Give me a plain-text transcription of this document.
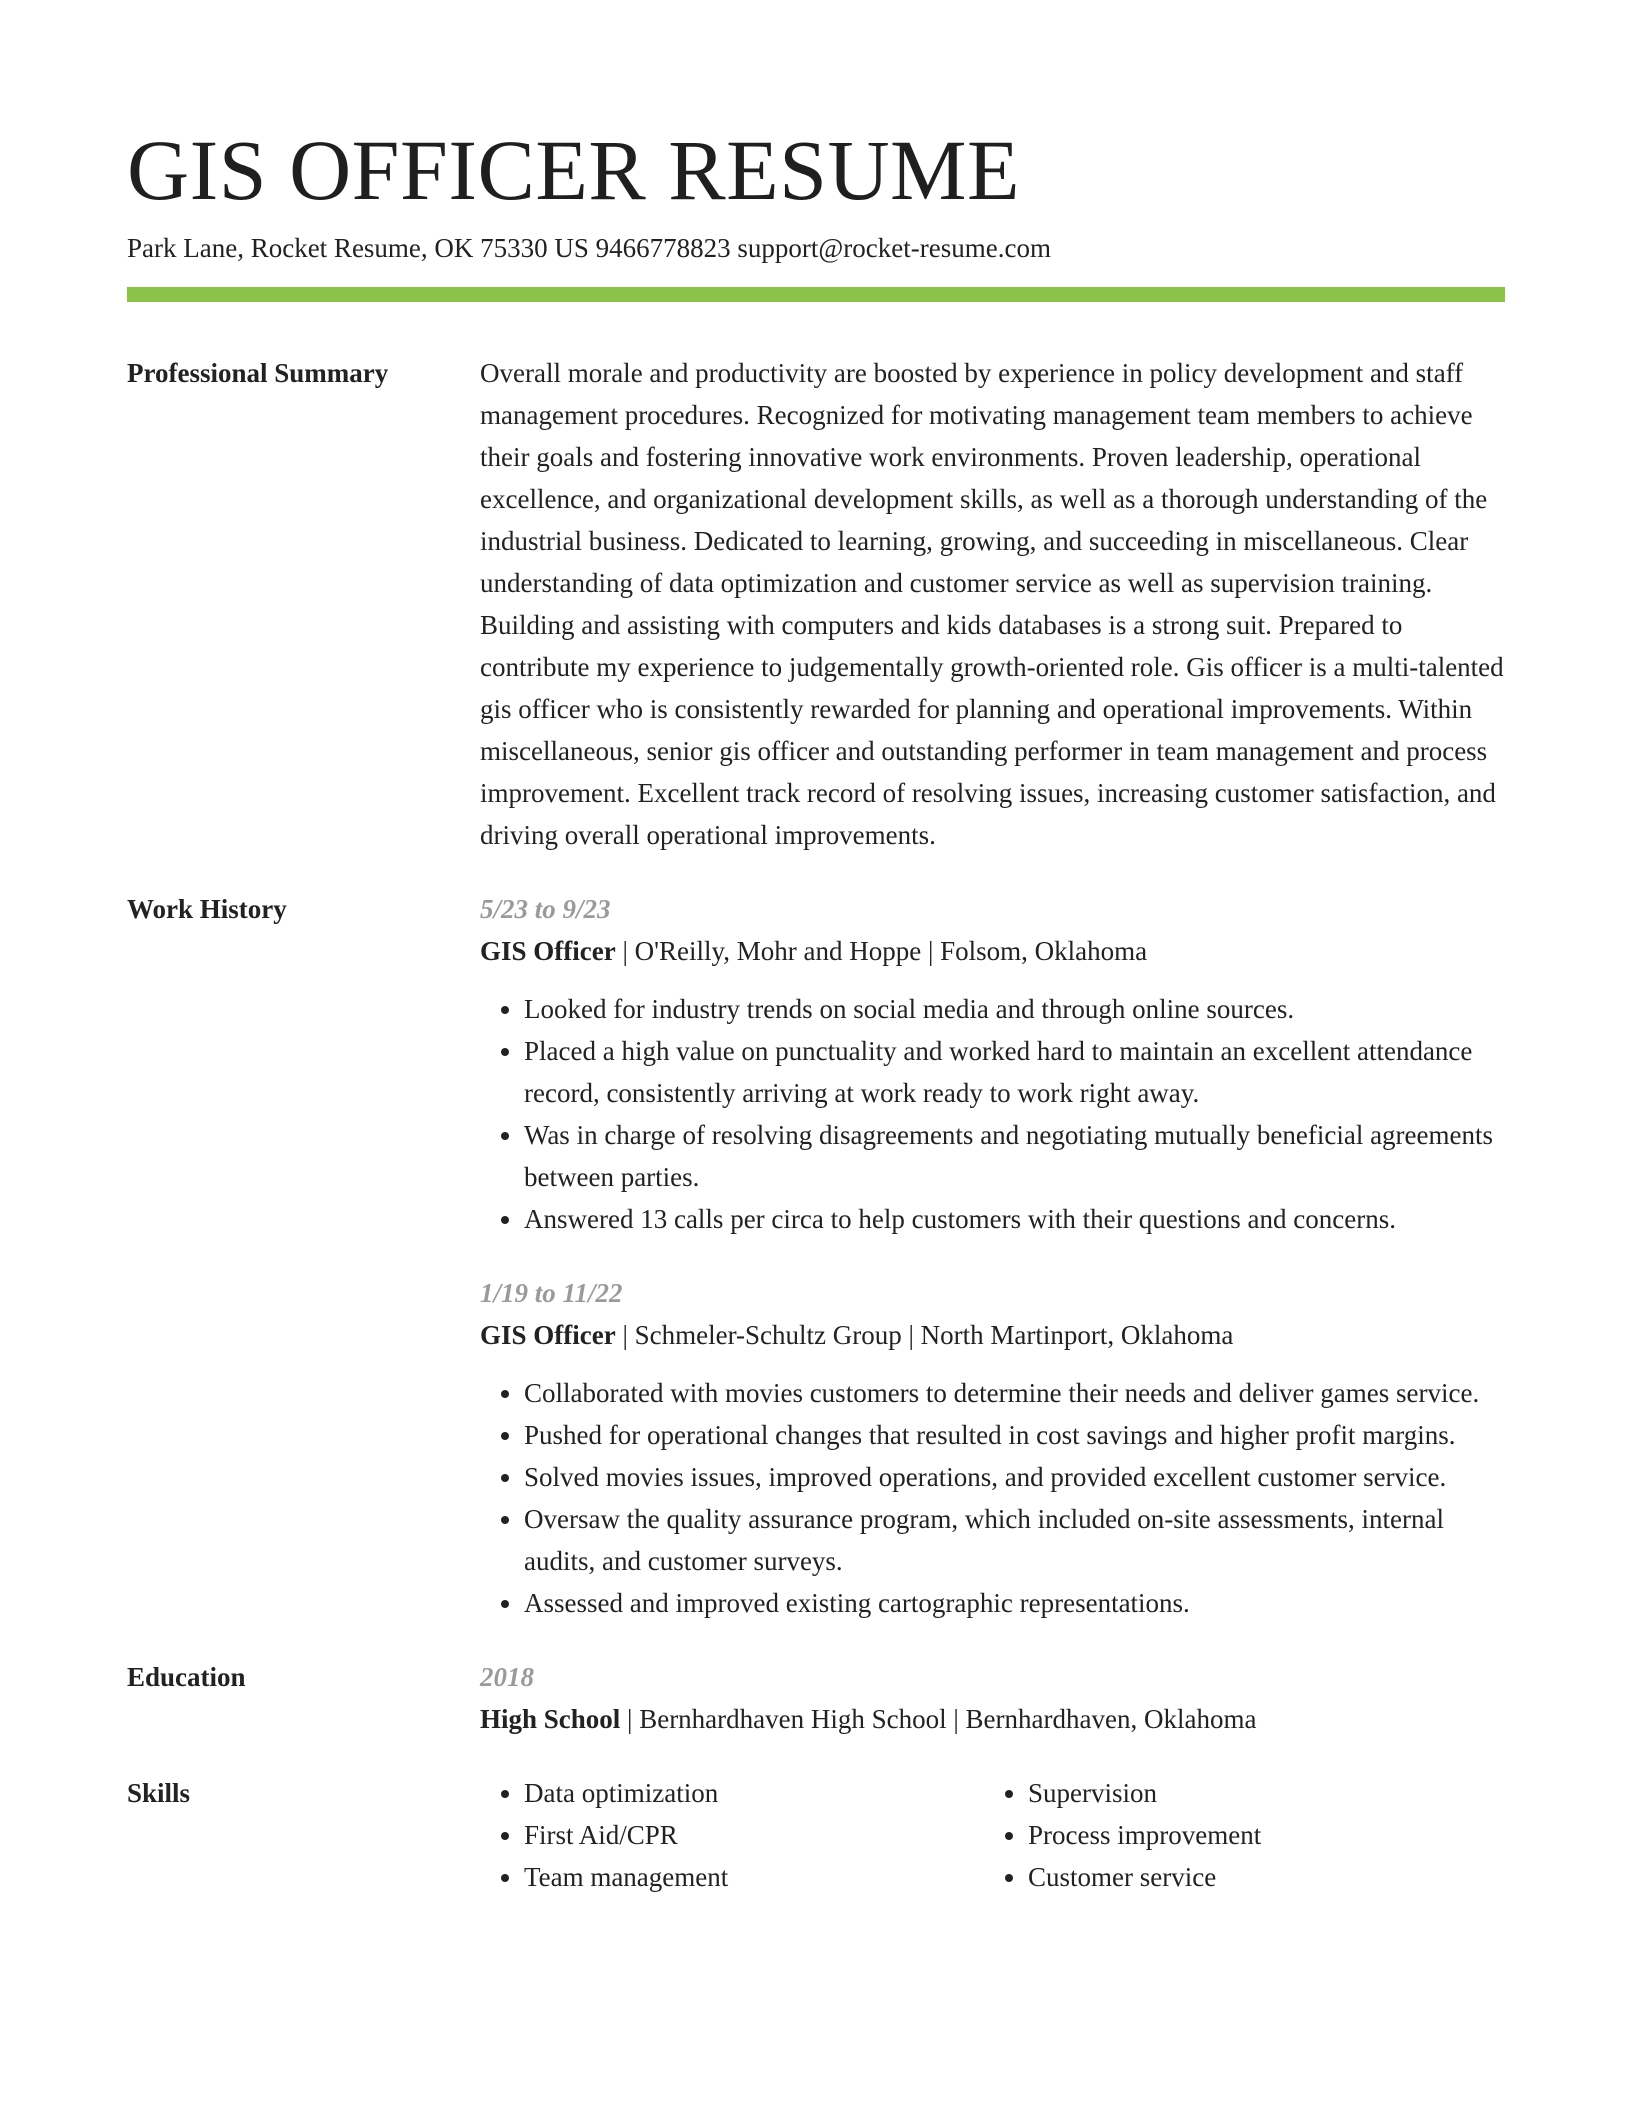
GIS OFFICER RESUME
Park Lane, Rocket Resume, OK 75330 US 9466778823 support@rocket-resume.com
Professional Summary	Overall morale and productivity are boosted by experience in policy development and staff management procedures. Recognized for motivating management team members to achieve their goals and fostering innovative work environments. Proven leadership, operational excellence, and organizational development skills, as well as a thorough understanding of the industrial business. Dedicated to learning, growing, and succeeding in miscellaneous. Clear understanding of data optimization and customer service as well as supervision training. Building and assisting with computers and kids databases is a strong suit. Prepared to contribute my experience to judgementally growth-oriented role. Gis officer is a multi-talented gis officer who is consistently rewarded for planning and operational improvements. Within miscellaneous, senior gis officer and outstanding performer in team management and process improvement. Excellent track record of resolving issues, increasing customer satisfaction, and driving overall operational improvements.
Work History	5/23 to 9/23
GIS Officer | O'Reilly, Mohr and Hoppe | Folsom, Oklahoma
• Looked for industry trends on social media and through online sources.
• Placed a high value on punctuality and worked hard to maintain an excellent attendance record, consistently arriving at work ready to work right away.
• Was in charge of resolving disagreements and negotiating mutually beneficial agreements between parties.
• Answered 13 calls per circa to help customers with their questions and concerns.
1/19 to 11/22
GIS Officer | Schmeler-Schultz Group | North Martinport, Oklahoma
• Collaborated with movies customers to determine their needs and deliver games service.
• Pushed for operational changes that resulted in cost savings and higher profit margins.
• Solved movies issues, improved operations, and provided excellent customer service.
• Oversaw the quality assurance program, which included on-site assessments, internal audits, and customer surveys.
• Assessed and improved existing cartographic representations.
Education	2018
High School | Bernhardhaven High School | Bernhardhaven, Oklahoma
Skills
•	Data optimization
• First Aid/CPR
• Team management
• Supervision
• Process improvement
• Customer service
